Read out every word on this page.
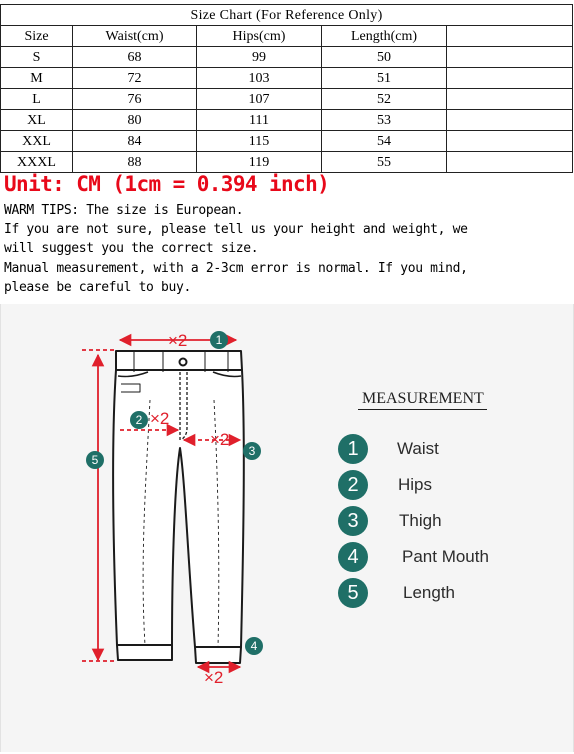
Size Chart (For Reference Only)				
Size	Waist(cm)	Hips(cm)	Length(cm)	
S	68	99	50	
M	72	103	51	
L	76	107	52	
XL	80	111	53	
XXL	84	115	54	
XXXL	88	119	55	

Unit: CM (1cm = 0.394 inch)

WARM TIPS: The size is European.
If you are not sure, please tell us your height and weight, we
will suggest you the correct size.
Manual measurement, with a 2-3cm error is normal. If you mind,
please be careful to buy.
×2
×2
×2
×2
1
2
3
4
5

MEASUREMENT

1	Waist
2	Hips
3	Thigh
4	Pant Mouth
5	Length
